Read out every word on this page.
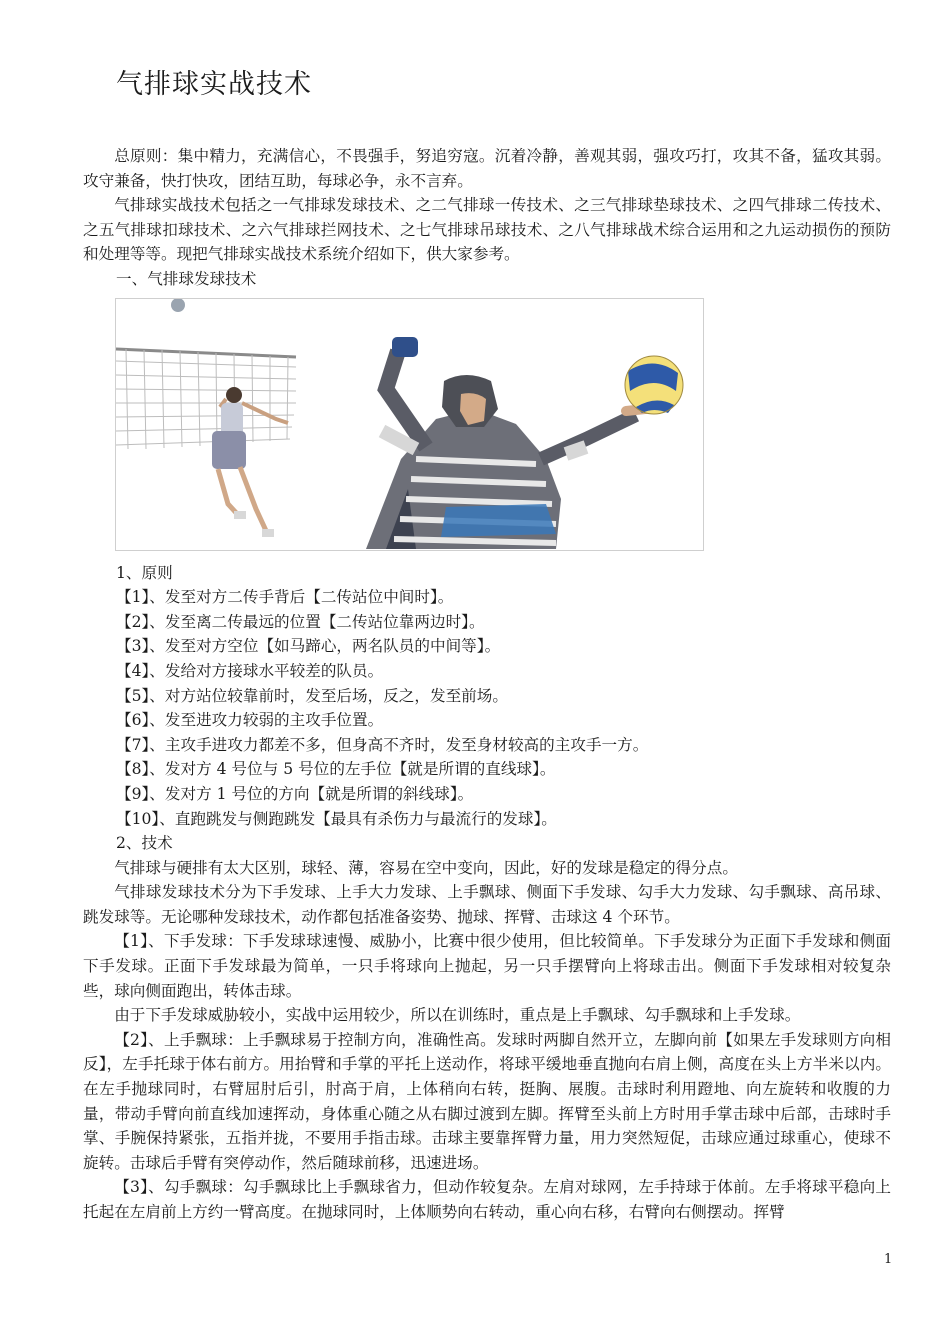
气排球实战技术

总原则：集中精力，充满信心，不畏强手，努追穷寇。沉着冷静，善观其弱，强攻巧打，攻其不备，猛攻其弱。攻守兼备，快打快攻，团结互助，每球必争，永不言弃。

气排球实战技术包括之一气排球发球技术、之二气排球一传技术、之三气排球垫球技术、之四气排球二传技术、之五气排球扣球技术、之六气排球拦网技术、之七气排球吊球技术、之八气排球战术综合运用和之九运动损伤的预防和处理等等。现把气排球实战技术系统介绍如下，供大家参考。

一、气排球发球技术

1、原则

【1】、发至对方二传手背后【二传站位中间时】。

【2】、发至离二传最远的位置【二传站位靠两边时】。

【3】、发至对方空位【如马蹄心，两名队员的中间等】。

【4】、发给对方接球水平较差的队员。

【5】、对方站位较靠前时，发至后场，反之，发至前场。

【6】、发至进攻力较弱的主攻手位置。

【7】、主攻手进攻力都差不多，但身高不齐时，发至身材较高的主攻手一方。

【8】、发对方 4 号位与 5 号位的左手位【就是所谓的直线球】。

【9】、发对方 1 号位的方向【就是所谓的斜线球】。

【10】、直跑跳发与侧跑跳发【最具有杀伤力与最流行的发球】。

2、技术

气排球与硬排有太大区别，球轻、薄，容易在空中变向，因此，好的发球是稳定的得分点。

气排球发球技术分为下手发球、上手大力发球、上手飘球、侧面下手发球、勾手大力发球、勾手飘球、高吊球、跳发球等。无论哪种发球技术，动作都包括准备姿势、抛球、挥臂、击球这 4 个环节。

【1】、下手发球：下手发球球速慢、威胁小，比赛中很少使用，但比较简单。下手发球分为正面下手发球和侧面下手发球。正面下手发球最为简单，一只手将球向上抛起，另一只手摆臂向上将球击出。侧面下手发球相对较复杂些，球向侧面跑出，转体击球。

由于下手发球威胁较小，实战中运用较少，所以在训练时，重点是上手飘球、勾手飘球和上手发球。

【2】、上手飘球：上手飘球易于控制方向，准确性高。发球时两脚自然开立，左脚向前【如果左手发球则方向相反】，左手托球于体右前方。用抬臂和手掌的平托上送动作，将球平缓地垂直抛向右肩上侧，高度在头上方半米以内。在左手抛球同时，右臂屈肘后引，肘高于肩，上体稍向右转，挺胸、展腹。击球时利用蹬地、向左旋转和收腹的力量，带动手臂向前直线加速挥动，身体重心随之从右脚过渡到左脚。挥臂至头前上方时用手掌击球中后部，击球时手掌、手腕保持紧张，五指并拢，不要用手指击球。击球主要靠挥臂力量，用力突然短促，击球应通过球重心，使球不旋转。击球后手臂有突停动作，然后随球前移，迅速进场。

【3】、勾手飘球：勾手飘球比上手飘球省力，但动作较复杂。左肩对球网，左手持球于体前。左手将球平稳向上托起在左肩前上方约一臂高度。在抛球同时，上体顺势向右转动，重心向右移，右臂向右侧摆动。挥臂

1
